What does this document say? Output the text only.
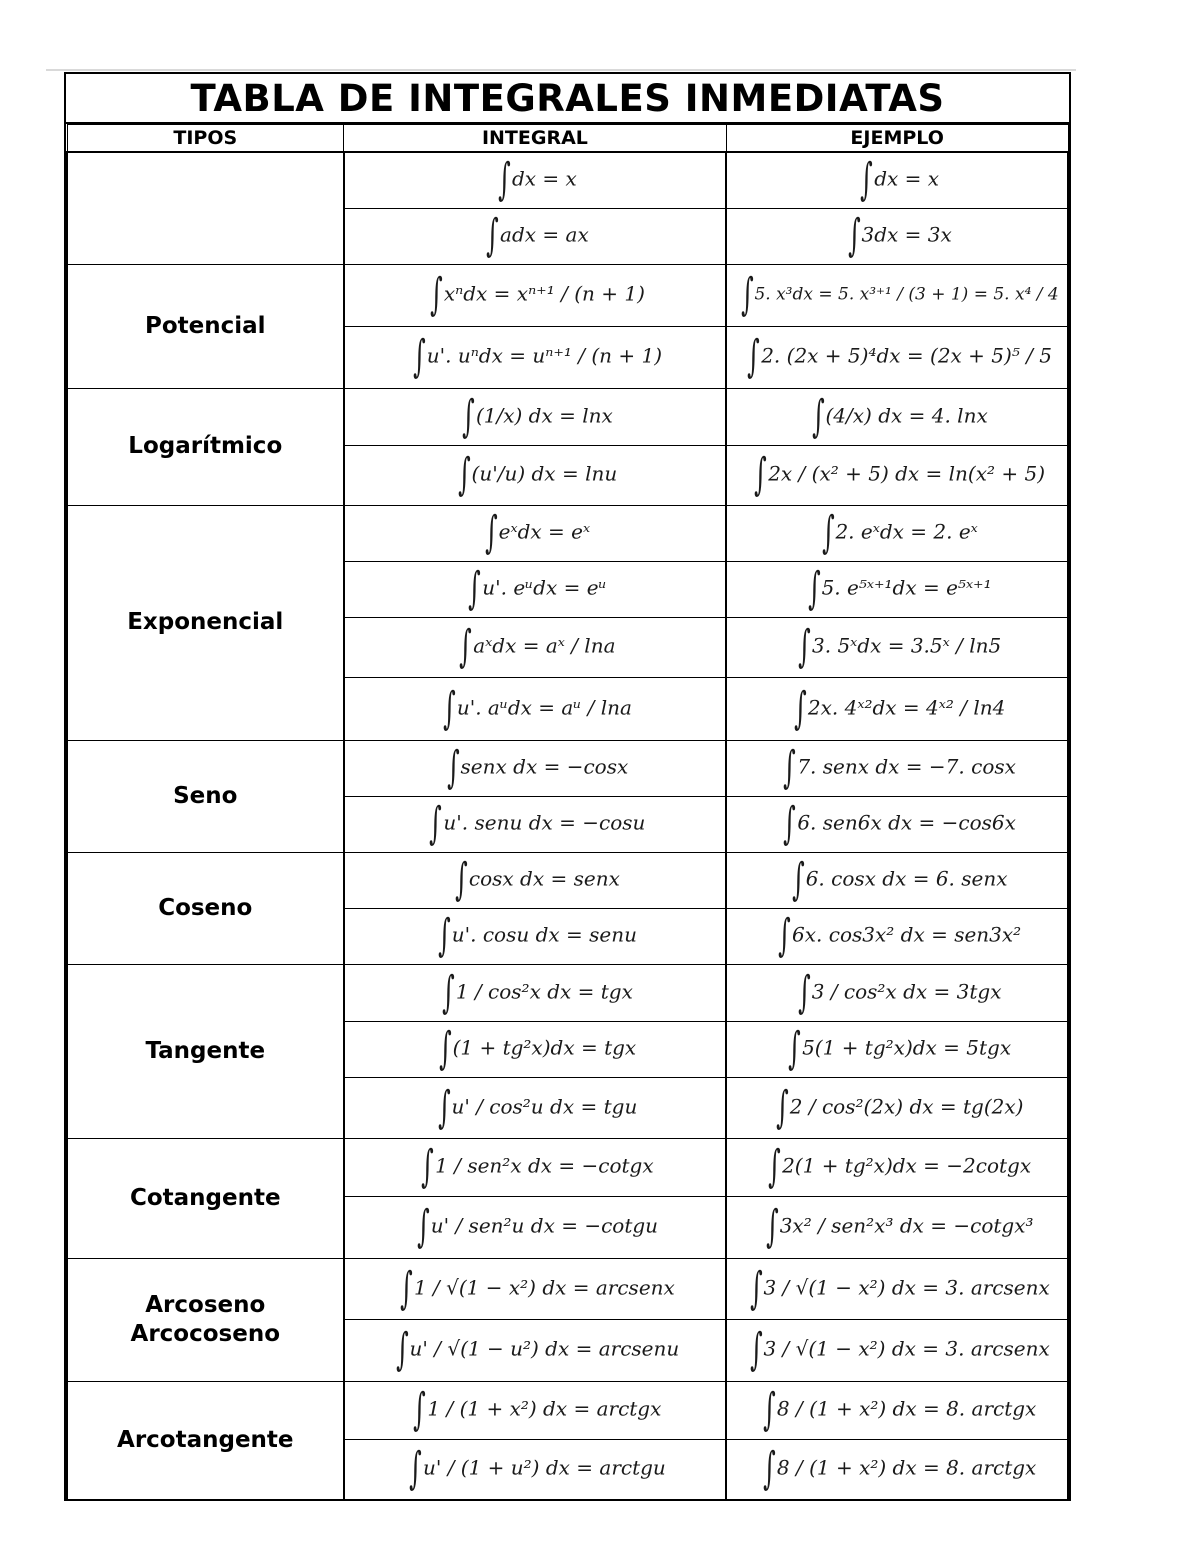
TABLA DE INTEGRALES INMEDIATAS
TIPOS	INTEGRAL	EJEMPLO
	∫dx = x	∫dx = x
	∫adx = ax	∫3dx = 3x
Potencial	∫xⁿdx = xⁿ⁺¹ / (n + 1)	∫5. x³dx = 5. x³⁺¹ / (3 + 1) = 5. x⁴ / 4
	∫u'. uⁿdx = uⁿ⁺¹ / (n + 1)	∫2. (2x + 5)⁴dx = (2x + 5)⁵ / 5
Logarítmico	∫(1/x) dx = lnx	∫(4/x) dx = 4. lnx
	∫(u'/u) dx = lnu	∫2x / (x² + 5) dx = ln(x² + 5)
Exponencial	∫eˣdx = eˣ	∫2. eˣdx = 2. eˣ
	∫u'. eᵘdx = eᵘ	∫5. e⁵ˣ⁺¹dx = e⁵ˣ⁺¹
	∫aˣdx = aˣ / lna	∫3. 5ˣdx = 3.5ˣ / ln5
	∫u'. aᵘdx = aᵘ / lna	∫2x. 4ˣ²dx = 4ˣ² / ln4
Seno	∫senx dx = −cosx	∫7. senx dx = −7. cosx
	∫u'. senu dx = −cosu	∫6. sen6x dx = −cos6x
Coseno	∫cosx dx = senx	∫6. cosx dx = 6. senx
	∫u'. cosu dx = senu	∫6x. cos3x² dx = sen3x²
Tangente	∫1 / cos²x dx = tgx	∫3 / cos²x dx = 3tgx
	∫(1 + tg²x)dx = tgx	∫5(1 + tg²x)dx = 5tgx
	∫u' / cos²u dx = tgu	∫2 / cos²(2x) dx = tg(2x)
Cotangente	∫1 / sen²x dx = −cotgx	∫2(1 + tg²x)dx = −2cotgx
	∫u' / sen²u dx = −cotgu	∫3x² / sen²x³ dx = −cotgx³
Arcoseno
Arcocoseno	∫1 / √(1 − x²) dx = arcsenx	∫3 / √(1 − x²) dx = 3. arcsenx
	∫u' / √(1 − u²) dx = arcsenu	∫3 / √(1 − x²) dx = 3. arcsenx
Arcotangente	∫1 / (1 + x²) dx = arctgx	∫8 / (1 + x²) dx = 8. arctgx
	∫u' / (1 + u²) dx = arctgu	∫8 / (1 + x²) dx = 8. arctgx
